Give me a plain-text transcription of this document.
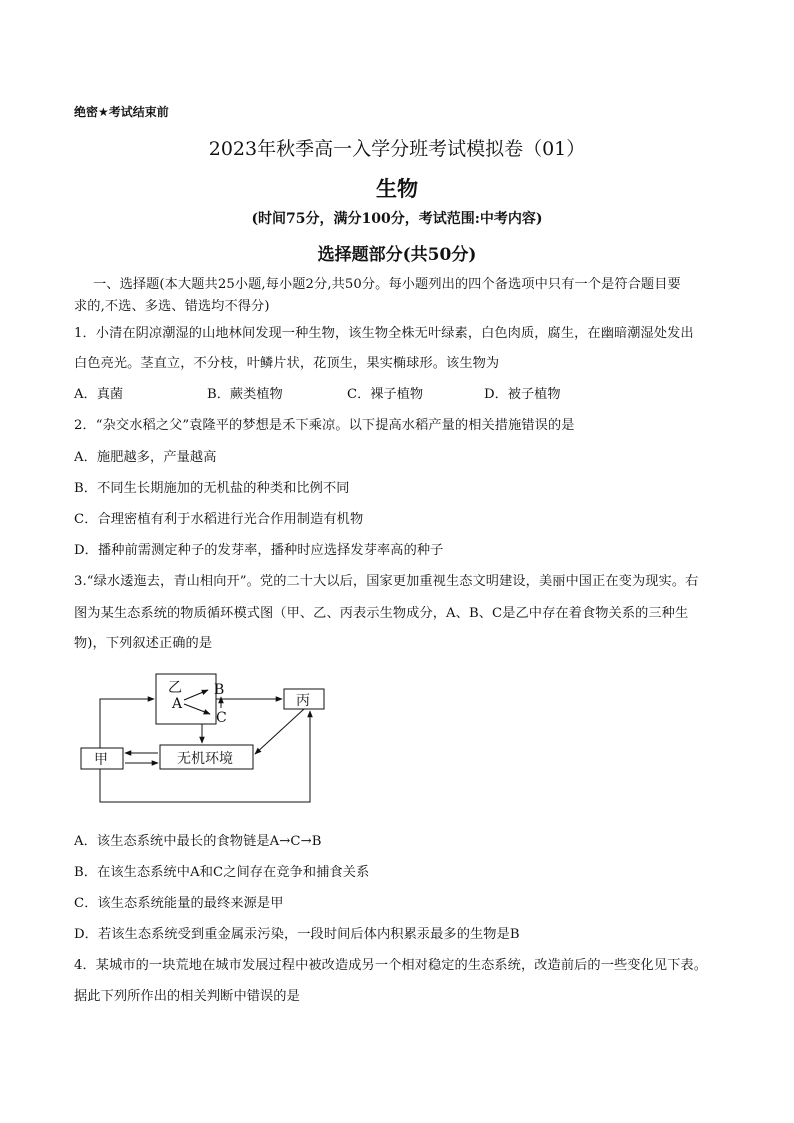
绝密★考试结束前
2023年秋季高一入学分班考试模拟卷（01）
生物
(时间75分，满分100分，考试范围:中考内容)
选择题部分(共50分)
一、选择题(本大题共25小题,每小题2分,共50分。每小题列出的四个备选项中只有一个是符合题目要
求的,不选、多选、错选均不得分)
1．小清在阴凉潮湿的山地林间发现一种生物，该生物全株无叶绿素，白色肉质，腐生，在幽暗潮湿处发出
白色亮光。茎直立，不分枝，叶鳞片状，花顶生，果实椭球形。该生物为
A．真菌	B．蕨类植物	C．裸子植物	D．被子植物
2．“杂交水稻之父”袁隆平的梦想是禾下乘凉。以下提高水稻产量的相关措施错误的是
A．施肥越多，产量越高
B．不同生长期施加的无机盐的种类和比例不同
C．合理密植有利于水稻进行光合作用制造有机物
D．播种前需测定种子的发芽率，播种时应选择发芽率高的种子
3.“绿水逶迤去，青山相向开”。党的二十大以后，国家更加重视生态文明建设，美丽中国正在变为现实。右
图为某生态系统的物质循环模式图（甲、乙、丙表示生物成分，A、B、C是乙中存在着食物关系的三种生
物)，下列叙述正确的是
乙
A
B
C
丙
甲	无机环境
A．该生态系统中最长的食物链是A→C→B
B．在该生态系统中A和C之间存在竞争和捕食关系
C．该生态系统能量的最终来源是甲
D．若该生态系统受到重金属汞污染，一段时间后体内积累汞最多的生物是B
4．某城市的一块荒地在城市发展过程中被改造成另一个相对稳定的生态系统，改造前后的一些变化见下表。
据此下列所作出的相关判断中错误的是
